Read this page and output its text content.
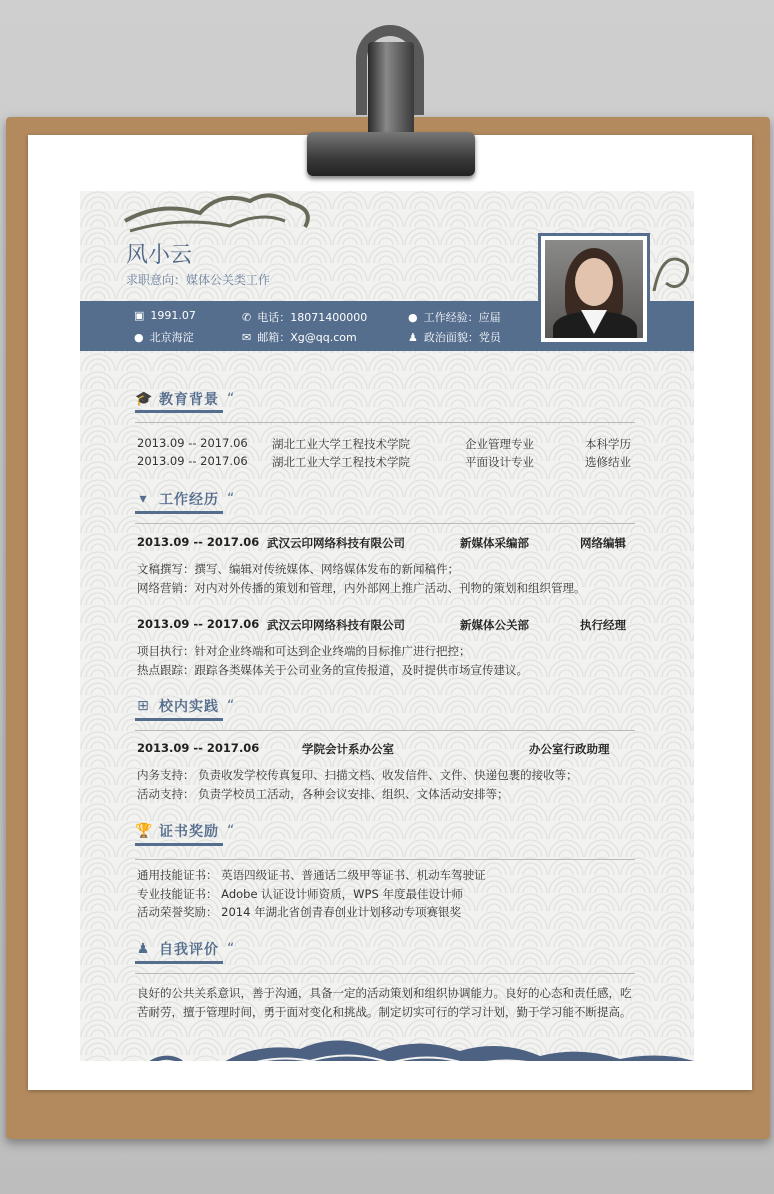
风小云
求职意向：媒体公关类工作
▣ 1991.07
● 北京海淀
✆ 电话：18071400000
✉ 邮箱：Xg@qq.com
● 工作经验：应届
♟ 政治面貌：党员
🎓 教育背景 “
2013.09 -- 2017.06 湖北工业大学工程技术学院	企业管理专业	本科学历
2013.09 -- 2017.06 湖北工业大学工程技术学院	平面设计专业	选修结业
▾ 工作经历 “
2013.09 -- 2017.06 武汉云印网络科技有限公司	新媒体采编部	网络编辑
文稿撰写：撰写、编辑对传统媒体、网络媒体发布的新闻稿件；
网络营销：对内对外传播的策划和管理，内外部网上推广活动、刊物的策划和组织管理。
2013.09 -- 2017.06 武汉云印网络科技有限公司	新媒体公关部	执行经理
项目执行：针对企业终端和可达到企业终端的目标推广进行把控；
热点跟踪：跟踪各类媒体关于公司业务的宣传报道，及时提供市场宣传建议。
⊞ 校内实践 “
2013.09 -- 2017.06	学院会计系办公室	办公室行政助理
内务支持： 负责收发学校传真复印、扫描文档、收发信件、文件、快递包裹的接收等；
活动支持： 负责学校员工活动，各种会议安排、组织、文体活动安排等；
🏆 证书奖励 “
通用技能证书： 英语四级证书、普通话二级甲等证书、机动车驾驶证
专业技能证书： Adobe 认证设计师资质，WPS 年度最佳设计师
活动荣誉奖励： 2014 年湖北省创青春创业计划移动专项赛银奖
♟ 自我评价 “
良好的公共关系意识，善于沟通，具备一定的活动策划和组织协调能力。良好的心态和责任感，吃
苦耐劳，擅于管理时间，勇于面对变化和挑战。制定切实可行的学习计划，勤于学习能不断提高。
